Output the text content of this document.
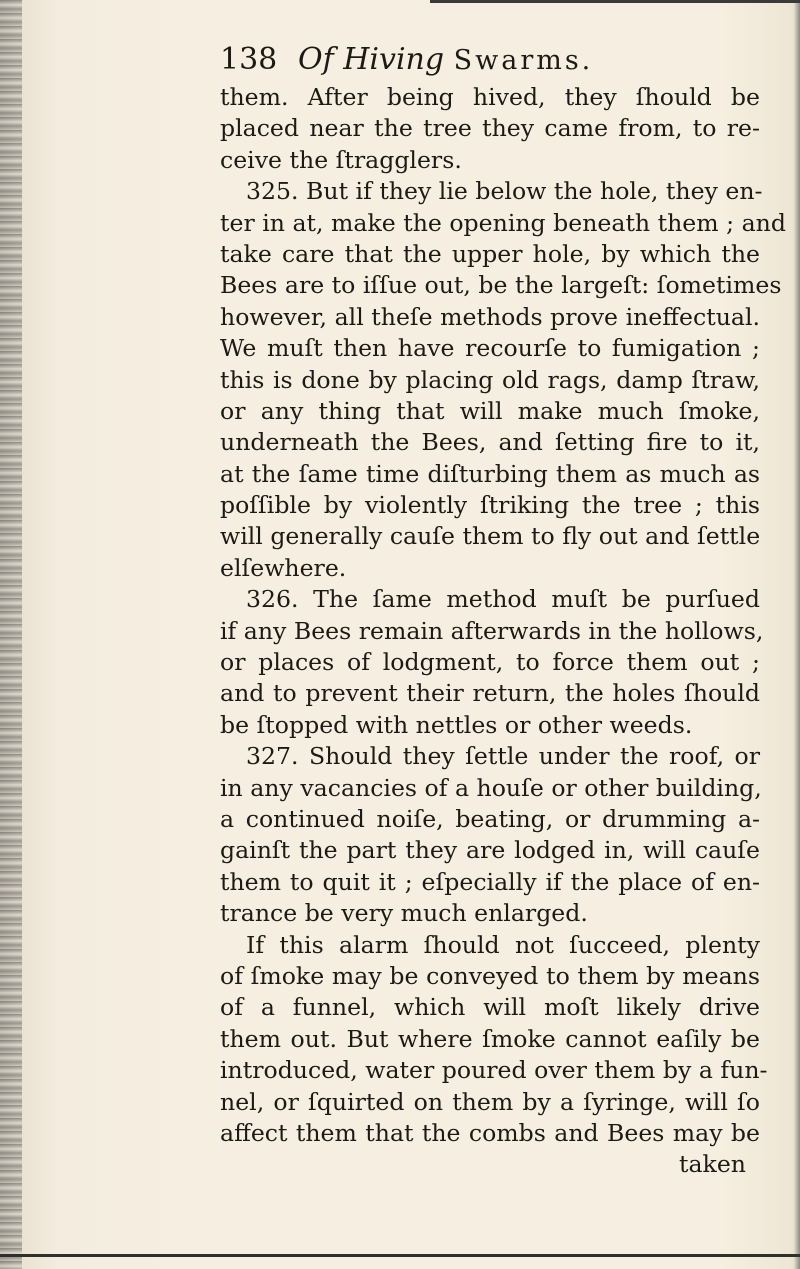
138 Of Hiving Swarms.
them. After being hived, they ſhould be
placed near the tree they came from, to re-
ceive the ſtragglers.
325. But if they lie below the hole, they en-
ter in at, make the opening beneath them ; and
take care that the upper hole, by which the
Bees are to iſſue out, be the largeſt: ſometimes
however, all theſe methods prove ineffectual.
We muſt then have recourſe to fumigation ;
this is done by placing old rags, damp ſtraw,
or any thing that will make much ſmoke,
underneath the Bees, and ſetting fire to it,
at the ſame time diſturbing them as much as
poſſible by violently ſtriking the tree ; this
will generally cauſe them to fly out and ſettle
elſewhere.
326. The ſame method muſt be purſued
if any Bees remain afterwards in the hollows,
or places of lodgment, to force them out ;
and to prevent their return, the holes ſhould
be ſtopped with nettles or other weeds.
327. Should they ſettle under the roof, or
in any vacancies of a houſe or other building,
a continued noiſe, beating, or drumming a-
gainſt the part they are lodged in, will cauſe
them to quit it ; eſpecially if the place of en-
trance be very much enlarged.
If this alarm ſhould not ſucceed, plenty
of ſmoke may be conveyed to them by means
of a funnel, which will moſt likely drive
them out. But where ſmoke cannot eaſily be
introduced, water poured over them by a fun-
nel, or ſquirted on them by a ſyringe, will ſo
affect them that the combs and Bees may be
taken
